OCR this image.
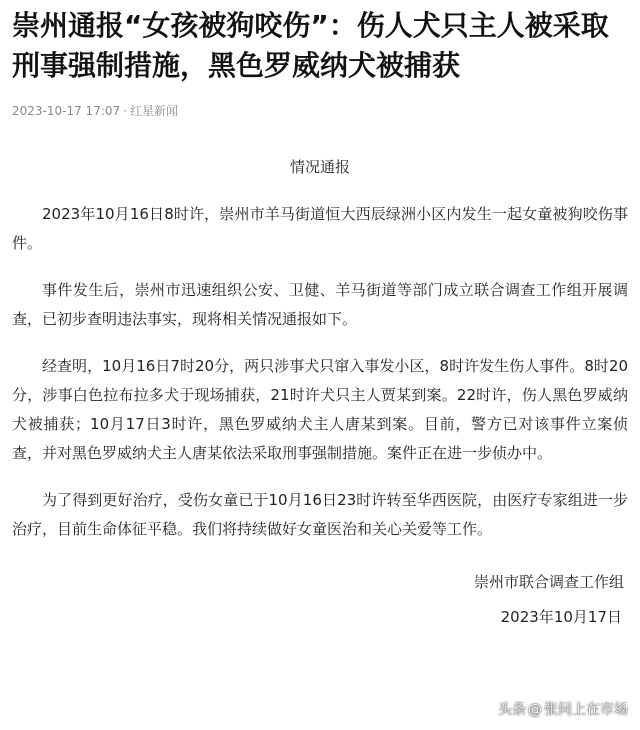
崇州通报“女孩被狗咬伤”：伤人犬只主人被采取刑事强制措施，黑色罗威纳犬被捕获
2023-10-17 17:07 · 红星新闻
情况通报

2023年10月16日8时许，崇州市羊马街道恒大西辰绿洲小区内发生一起女童被狗咬伤事件。

事件发生后，崇州市迅速组织公安、卫健、羊马街道等部门成立联合调查工作组开展调查，已初步查明违法事实，现将相关情况通报如下。

经查明，10月16日7时20分，两只涉事犬只窜入事发小区，8时许发生伤人事件。8时20分，涉事白色拉布拉多犬于现场捕获，21时许犬只主人贾某到案。22时许，伤人黑色罗威纳犬被捕获；10月17日3时许，黑色罗威纳犬主人唐某到案。目前，警方已对该事件立案侦查，并对黑色罗威纳犬主人唐某依法采取刑事强制措施。案件正在进一步侦办中。

为了得到更好治疗，受伤女童已于10月16日23时许转至华西医院，由医疗专家组进一步治疗，目前生命体征平稳。我们将持续做好女童医治和关心关爱等工作。

崇州市联合调查工作组
2023年10月17日
头条 @ 张问上在市场
